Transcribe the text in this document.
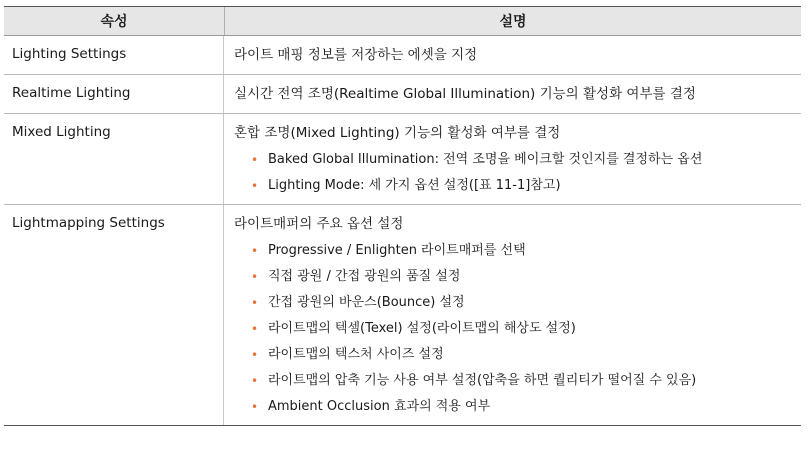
속성	설명
Lighting Settings	라이트 매핑 정보를 저장하는 에셋을 지정
Realtime Lighting	실시간 전역 조명(Realtime Global Illumination) 기능의 활성화 여부를 결정
Mixed Lighting	혼합 조명(Mixed Lighting) 기능의 활성화 여부를 결정
• Baked Global Illumination: 전역 조명을 베이크할 것인지를 결정하는 옵션
• Lighting Mode: 세 가지 옵션 설정([표 11-1]참고)
Lightmapping Settings	라이트매퍼의 주요 옵션 설정
• Progressive / Enlighten 라이트매퍼를 선택
• 직접 광원 / 간접 광원의 품질 설정
• 간접 광원의 바운스(Bounce) 설정
• 라이트맵의 텍셀(Texel) 설정(라이트맵의 해상도 설정)
• 라이트맵의 텍스처 사이즈 설정
• 라이트맵의 압축 기능 사용 여부 설정(압축을 하면 퀄리티가 떨어질 수 있음)
• Ambient Occlusion 효과의 적용 여부
